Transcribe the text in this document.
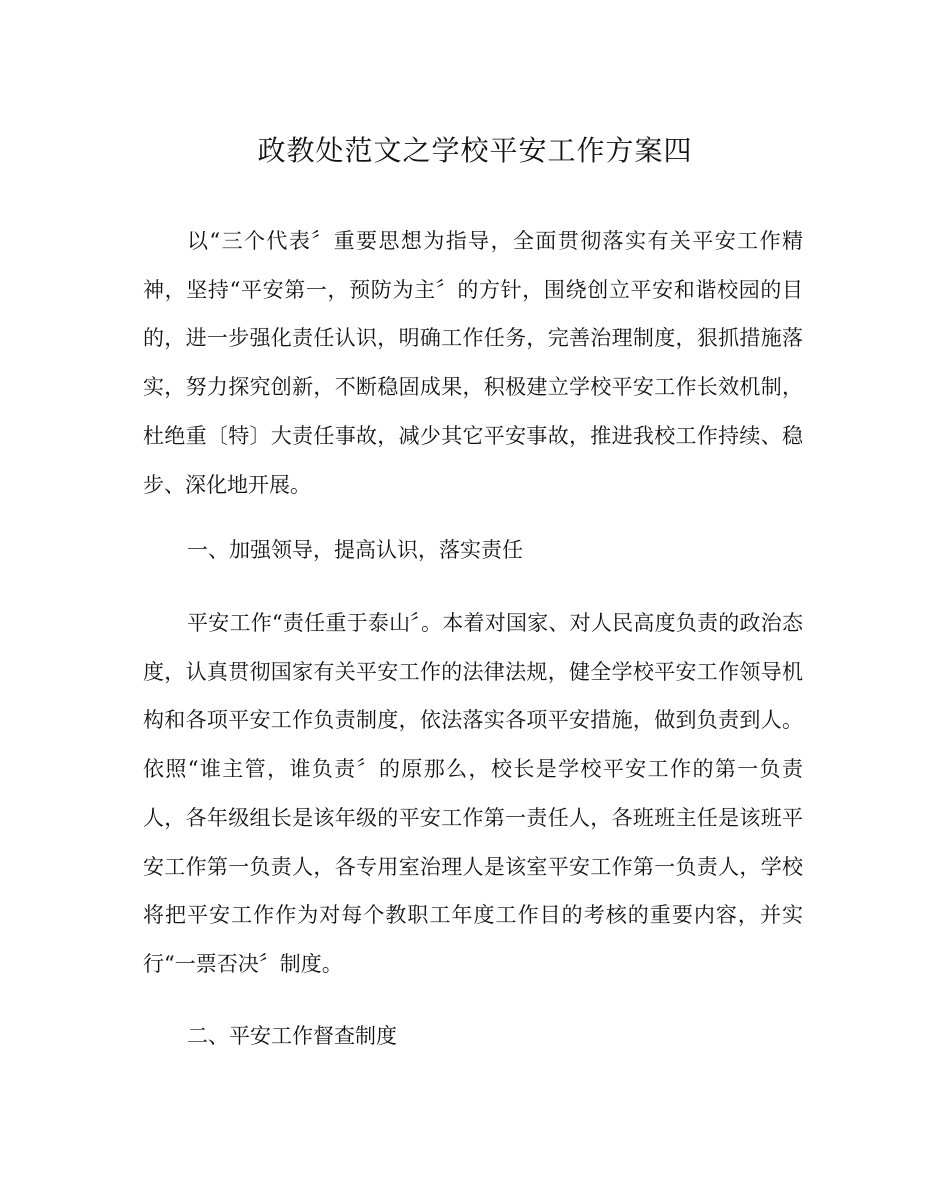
政教处范文之学校平安工作方案四

以“三个代表〞重要思想为指导，全面贯彻落实有关平安工作精神，坚持“平安第一，预防为主〞的方针，围绕创立平安和谐校园的目的，进一步强化责任认识，明确工作任务，完善治理制度，狠抓措施落实，努力探究创新，不断稳固成果，积极建立学校平安工作长效机制，杜绝重〔特〕大责任事故，减少其它平安事故，推进我校工作持续、稳步、深化地开展。

一、加强领导，提高认识，落实责任

平安工作“责任重于泰山〞。本着对国家、对人民高度负责的政治态度，认真贯彻国家有关平安工作的法律法规，健全学校平安工作领导机构和各项平安工作负责制度，依法落实各项平安措施，做到负责到人。依照“谁主管，谁负责〞的原那么，校长是学校平安工作的第一负责人，各年级组长是该年级的平安工作第一责任人，各班班主任是该班平安工作第一负责人，各专用室治理人是该室平安工作第一负责人，学校将把平安工作作为对每个教职工年度工作目的考核的重要内容，并实行“一票否决〞制度。

二、平安工作督查制度
